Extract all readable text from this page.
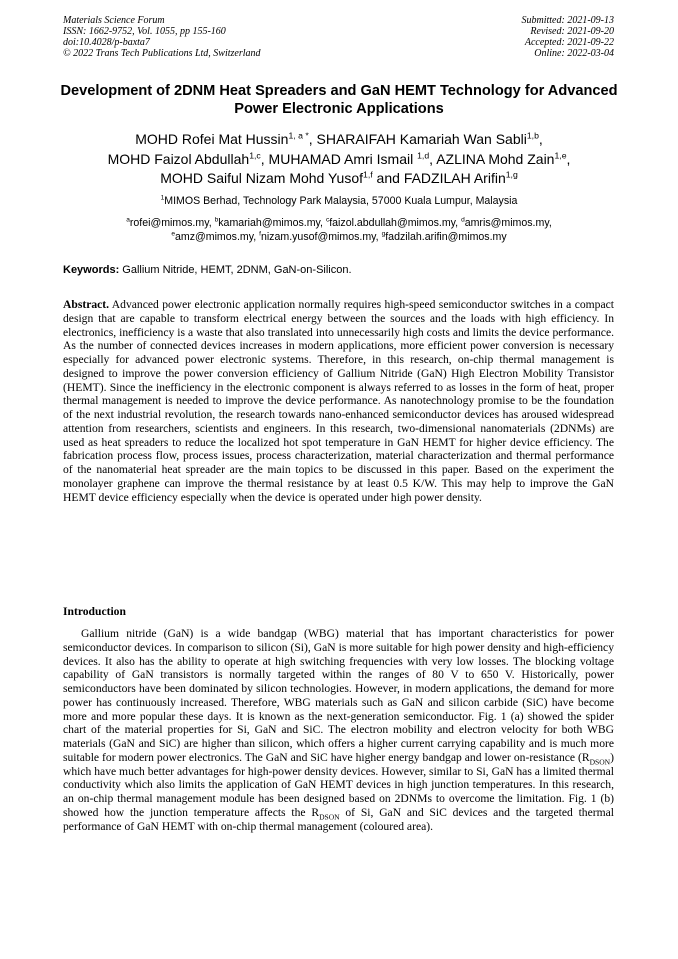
Materials Science Forum
ISSN: 1662-9752, Vol. 1055, pp 155-160
doi:10.4028/p-baxta7
© 2022 Trans Tech Publications Ltd, Switzerland
Submitted: 2021-09-13
Revised: 2021-09-20
Accepted: 2021-09-22
Online: 2022-03-04
Development of 2DNM Heat Spreaders and GaN HEMT Technology for Advanced Power Electronic Applications
MOHD Rofei Mat Hussin$^{1, a *}$, SHARAIFAH Kamariah Wan Sabli$^{1,b}$,
MOHD Faizol Abdullah$^{1,c}$, MUHAMAD Amri Ismail $^{1,d}$, AZLINA Mohd Zain$^{1,e}$,
MOHD Saiful Nizam Mohd Yusof$^{1,f}$ and FADZILAH Arifin$^{1,g}$
$^1$MIMOS Berhad, Technology Park Malaysia, 57000 Kuala Lumpur, Malaysia
$^a$rofei@mimos.my, $^b$kamariah@mimos.my, $^c$faizol.abdullah@mimos.my, $^d$amris@mimos.my,
$^e$amz@mimos.my, $^f$nizam.yusof@mimos.my, $^g$fadzilah.arifin@mimos.my
Keywords: Gallium Nitride, HEMT, 2DNM, GaN-on-Silicon.
Abstract. Advanced power electronic application normally requires high-speed semiconductor switches in a compact design that are capable to transform electrical energy between the sources and the loads with high efficiency. In electronics, inefficiency is a waste that also translated into unnecessarily high costs and limits the device performance. As the number of connected devices increases in modern applications, more efficient power conversion is necessary especially for advanced power electronic systems. Therefore, in this research, on-chip thermal management is designed to improve the power conversion efficiency of Gallium Nitride (GaN) High Electron Mobility Transistor (HEMT). Since the inefficiency in the electronic component is always referred to as losses in the form of heat, proper thermal management is needed to improve the device performance. As nanotechnology promise to be the foundation of the next industrial revolution, the research towards nano-enhanced semiconductor devices has aroused widespread attention from researchers, scientists and engineers. In this research, two-dimensional nanomaterials (2DNMs) are used as heat spreaders to reduce the localized hot spot temperature in GaN HEMT for higher device efficiency. The fabrication process flow, process issues, process characterization, material characterization and thermal performance of the nanomaterial heat spreader are the main topics to be discussed in this paper. Based on the experiment the monolayer graphene can improve the thermal resistance by at least 0.5 K/W. This may help to improve the GaN HEMT device efficiency especially when the device is operated under high power density.
Introduction
Gallium nitride (GaN) is a wide bandgap (WBG) material that has important characteristics for power semiconductor devices. In comparison to silicon (Si), GaN is more suitable for high power density and high-efficiency devices. It also has the ability to operate at high switching frequencies with very low losses. The blocking voltage capability of GaN transistors is normally targeted within the ranges of 80 V to 650 V. Historically, power semiconductors have been dominated by silicon technologies. However, in modern applications, the demand for more power has continuously increased. Therefore, WBG materials such as GaN and silicon carbide (SiC) have become more and more popular these days. It is known as the next-generation semiconductor. Fig. 1 (a) showed the spider chart of the material properties for Si, GaN and SiC. The electron mobility and electron velocity for both WBG materials (GaN and SiC) are higher than silicon, which offers a higher current carrying capability and is much more suitable for modern power electronics. The GaN and SiC have higher energy bandgap and lower on-resistance $(R_{DSON})$ which have much better advantages for high-power density devices. However, similar to Si, GaN has a limited thermal conductivity which also limits the application of GaN HEMT devices in high junction temperatures. In this research, an on-chip thermal management module has been designed based on 2DNMs to overcome the limitation. Fig. 1 (b) showed how the junction temperature affects the $R_{DSON}$ of Si, GaN and SiC devices and the targeted thermal performance of GaN HEMT with on-chip thermal management (coloured area).
